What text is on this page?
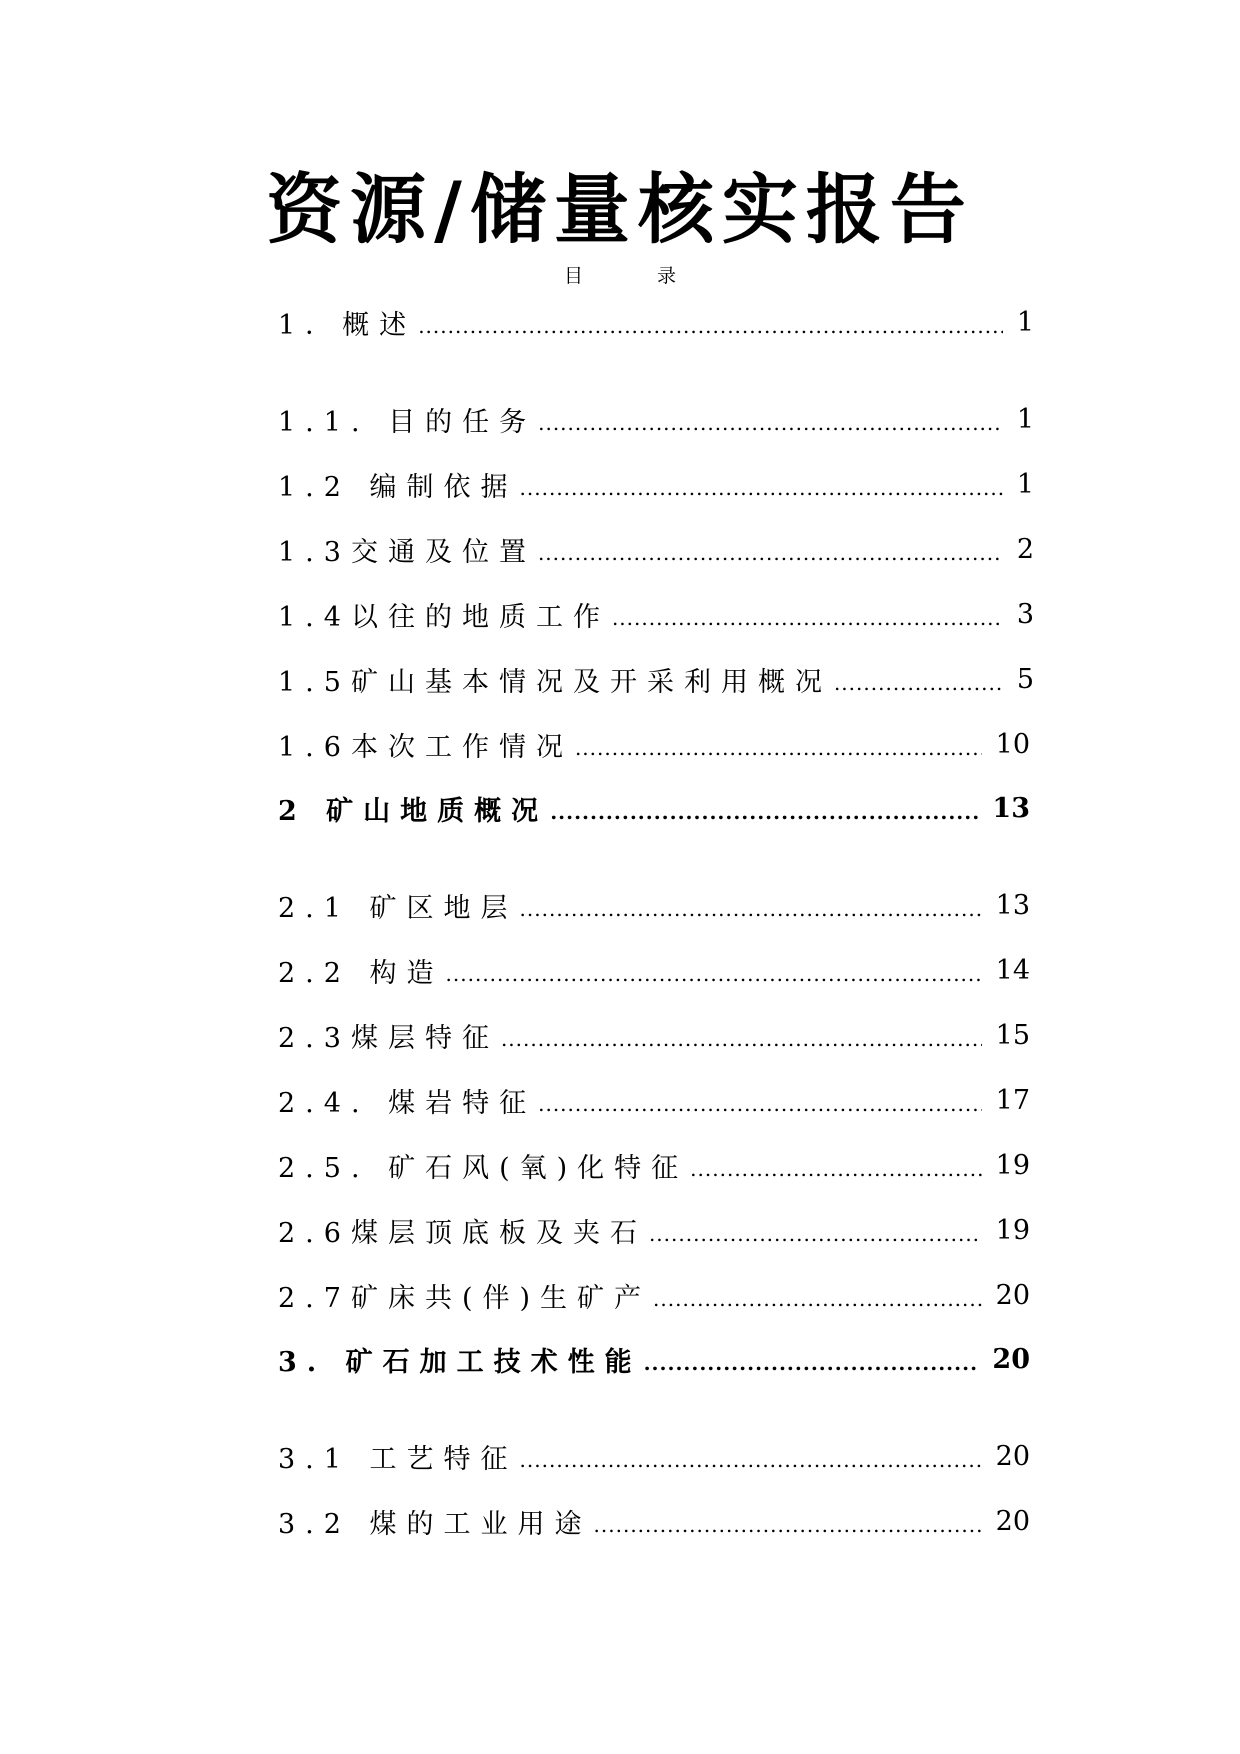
资源/储量核实报告
目 录
1．概述 .....	1
1.1. 目的任务 .....	1
1.2 编制依据 .....	1
1.3交通及位置 .....	2
1.4以往的地质工作 .....	3
1.5矿山基本情况及开采利用概况 .....	5
1.6本次工作情况 .....	10
2 矿山地质概况 .....	13
2.1 矿区地层 .....	13
2.2 构造 .....	14
2.3煤层特征 .....	15
2.4. 煤岩特征 .....	17
2.5. 矿石风(氧)化特征 .....	19
2.6煤层顶底板及夹石 .....	19
2.7矿床共(伴)生矿产 .....	20
3. 矿石加工技术性能 .....	20
3.1 工艺特征 .....	20
3.2 煤的工业用途 .....	20
